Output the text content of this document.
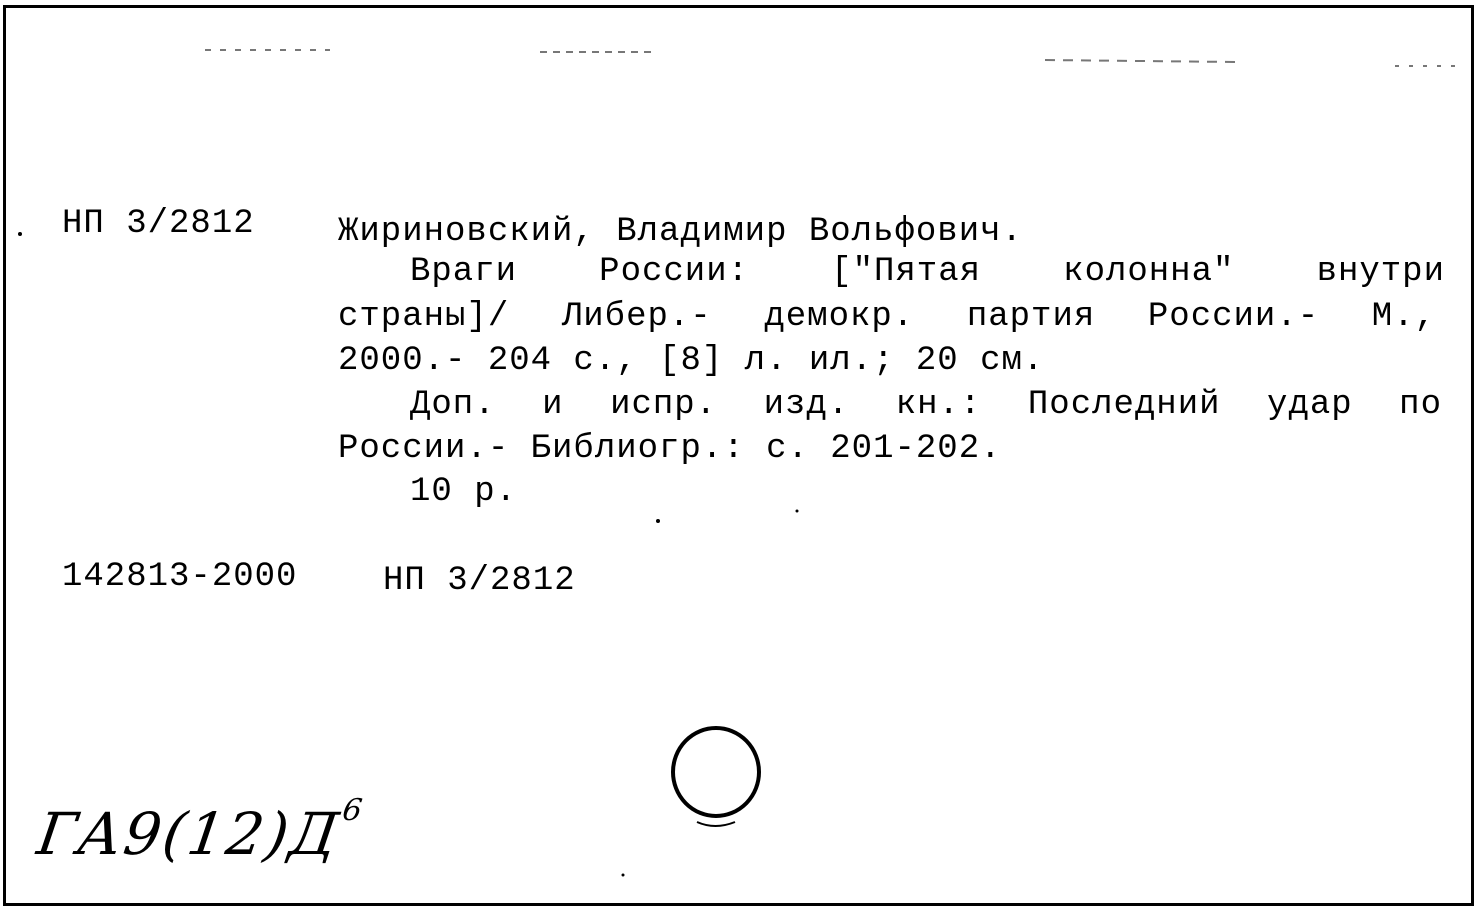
НП 3/2812 Жириновский, Владимир Вольфович.
Враги России: ["Пятая колонна" внутри
страны]/ Либер.- демокр. партия России.- М.,
2000.- 204 с., [8] л. ил.; 20 см.
Доп. и испр. изд. кн.: Последний удар по
России.- Библиогр.: с. 201-202.
10 р.
142813-2000	НП 3/2812
$ГА9(12)Д^6$
